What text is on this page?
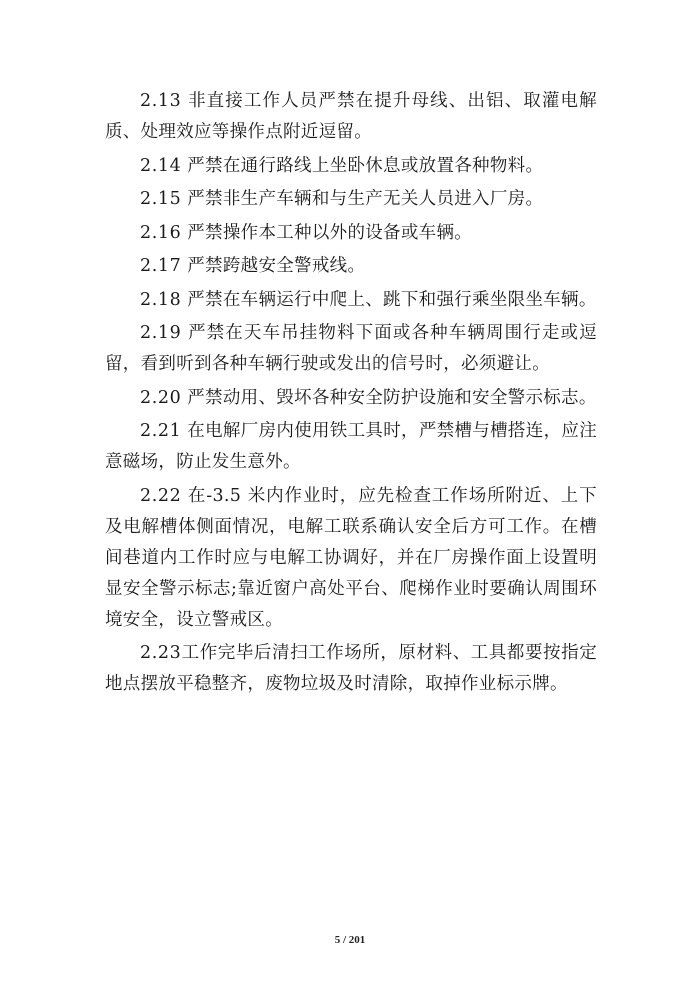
2.13 非直接工作人员严禁在提升母线、出铝、取灌电解质、处理效应等操作点附近逗留。

2.14 严禁在通行路线上坐卧休息或放置各种物料。

2.15 严禁非生产车辆和与生产无关人员进入厂房。

2.16 严禁操作本工种以外的设备或车辆。

2.17 严禁跨越安全警戒线。

2.18 严禁在车辆运行中爬上、跳下和强行乘坐限坐车辆。

2.19 严禁在天车吊挂物料下面或各种车辆周围行走或逗留，看到听到各种车辆行驶或发出的信号时，必须避让。

2.20 严禁动用、毁坏各种安全防护设施和安全警示标志。

2.21 在电解厂房内使用铁工具时，严禁槽与槽搭连，应注意磁场，防止发生意外。

2.22 在-3.5 米内作业时，应先检查工作场所附近、上下及电解槽体侧面情况，电解工联系确认安全后方可工作。在槽间巷道内工作时应与电解工协调好，并在厂房操作面上设置明显安全警示标志;靠近窗户高处平台、爬梯作业时要确认周围环境安全，设立警戒区。

2.23工作完毕后清扫工作场所，原材料、工具都要按指定地点摆放平稳整齐，废物垃圾及时清除，取掉作业标示牌。

5 / 201
